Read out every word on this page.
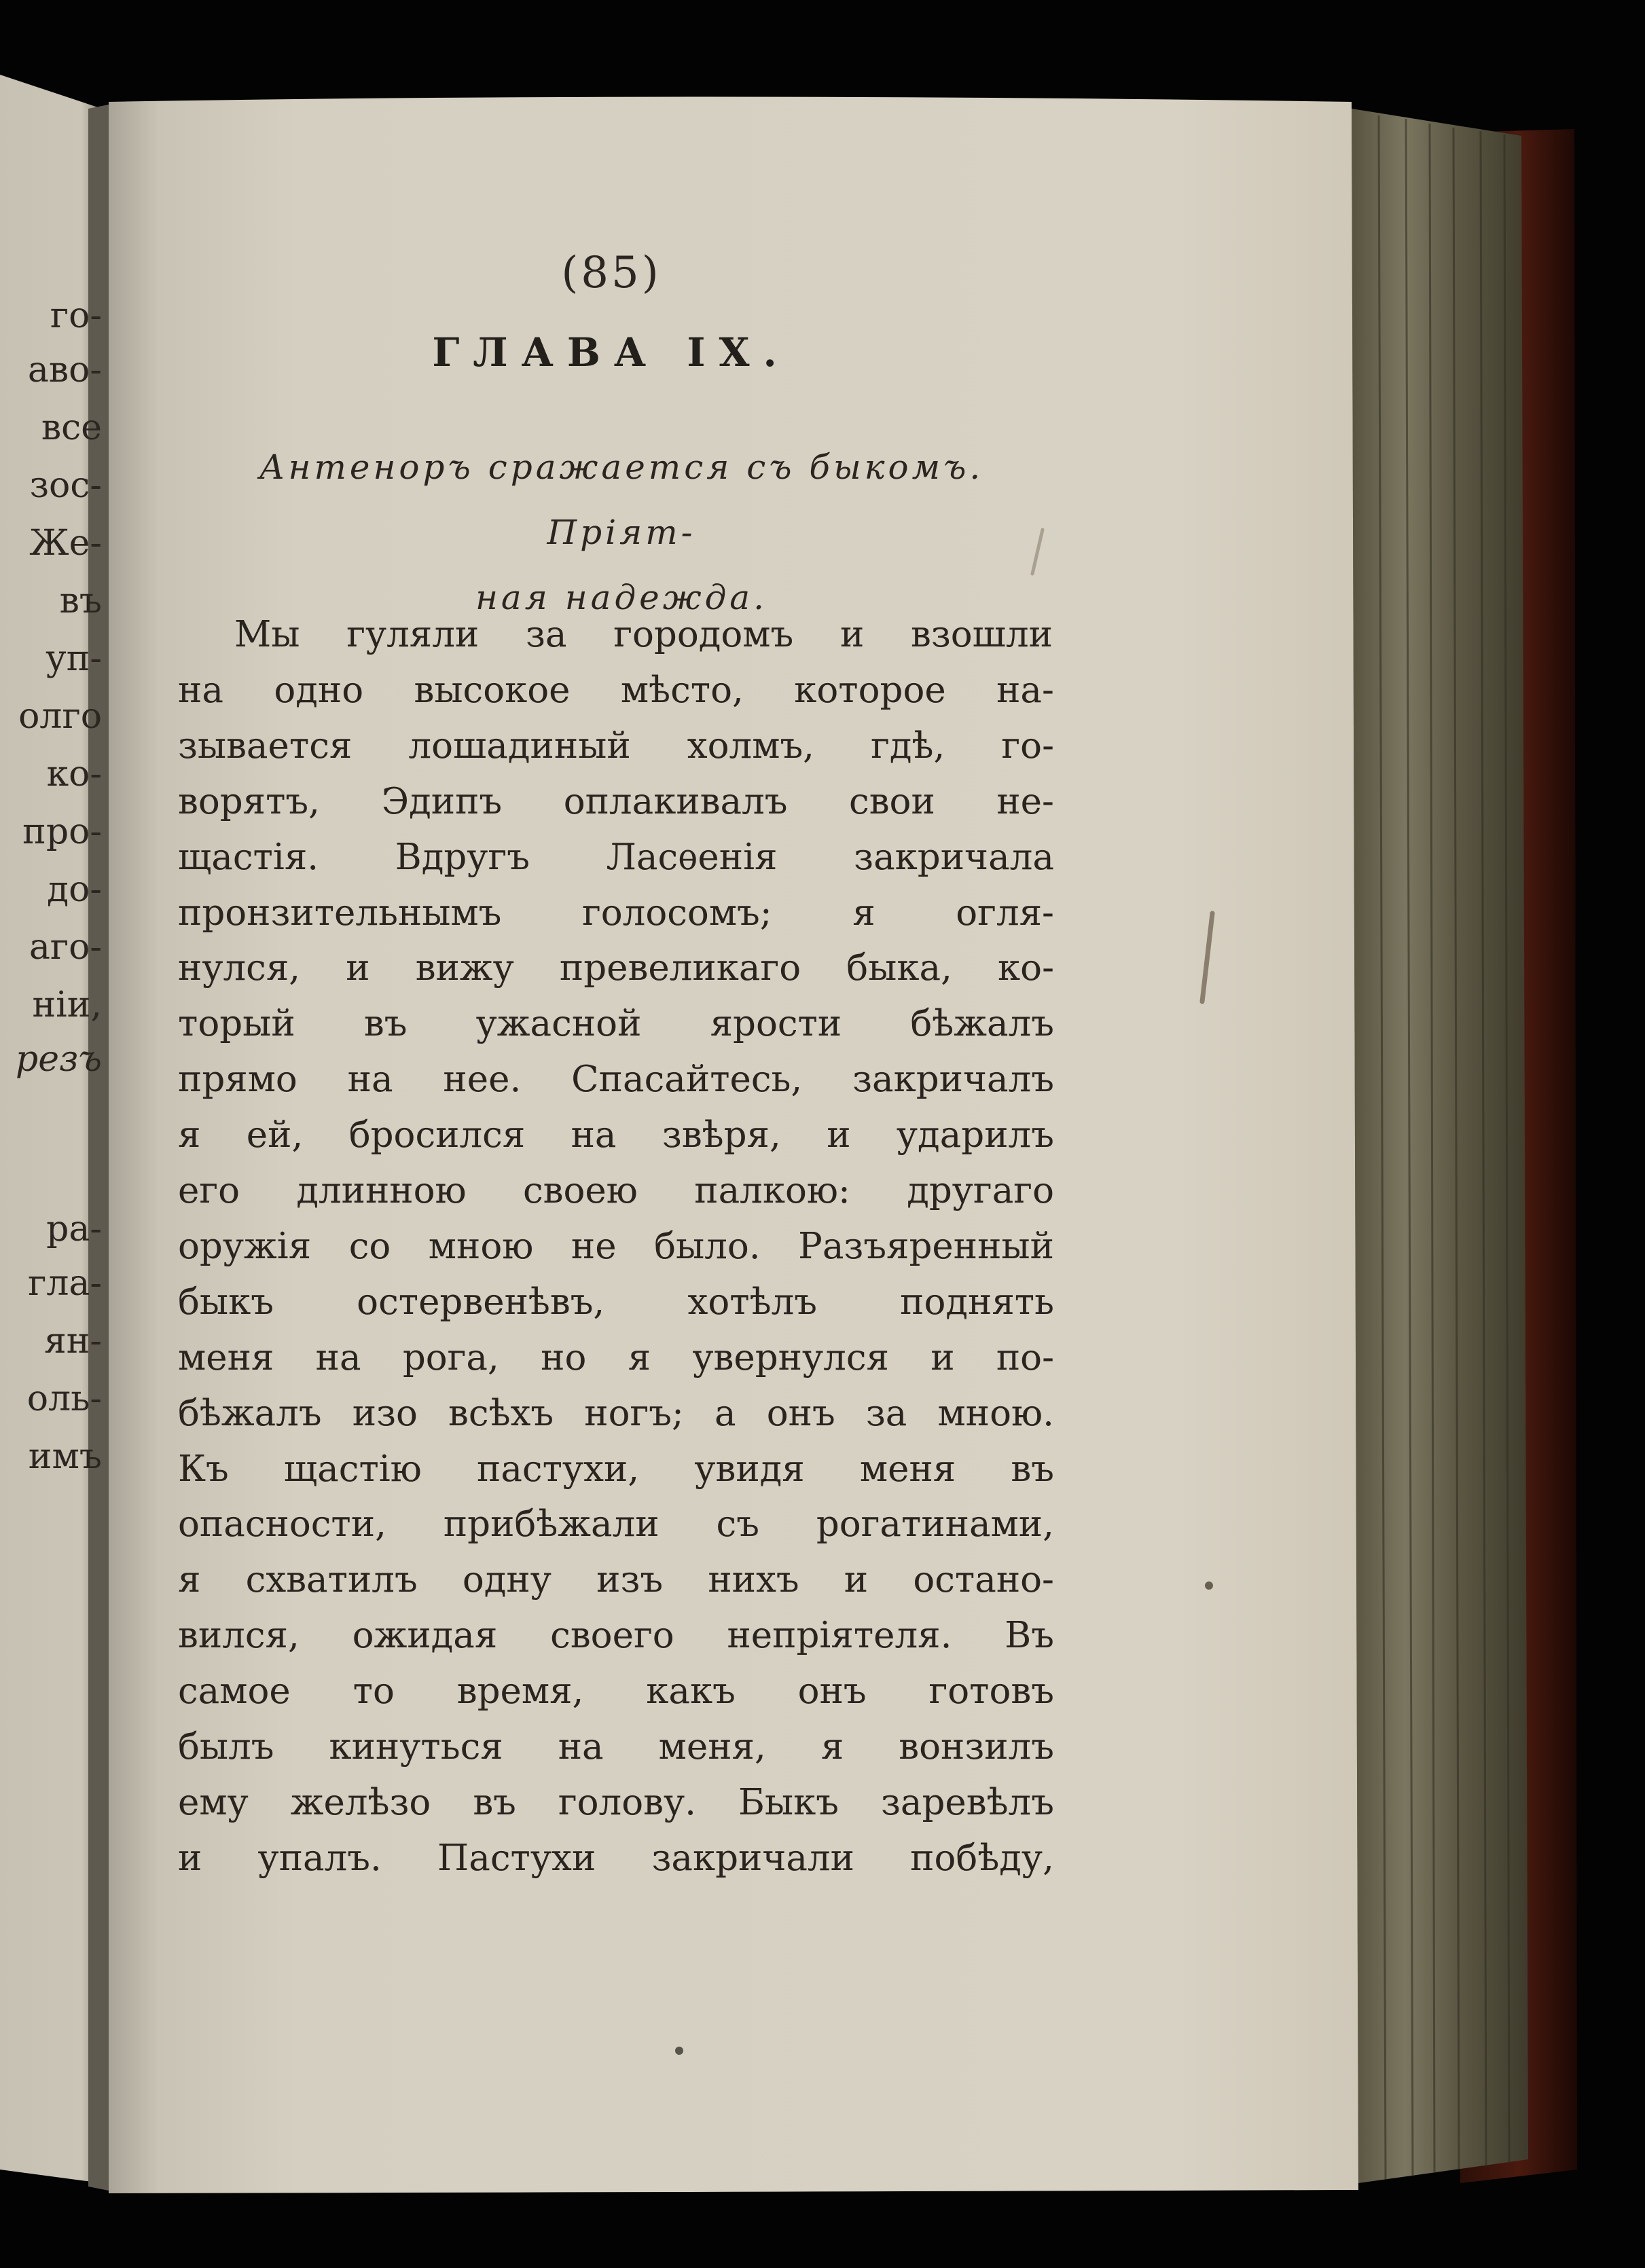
го-
аво-
все
зос-
Же-
въ
уп-
олго
ко-
про-
до-
аго-
ніи,
резъ
ра-
гла-
ян-
оль-
имъ
(85)
ГЛАВА IX.
Антеноръ сражается съ быкомъ. Пріят-
ная надежда.
Мы гуляли за городомъ и взошли
на одно высокое мѣсто, которое на-
зывается лошадиный холмъ, гдѣ, го-
ворятъ, Эдипъ оплакивалъ свои не-
щастія. Вдругъ Ласѳенія закричала
пронзительнымъ голосомъ; я огля-
нулся, и вижу превеликаго быка, ко-
торый въ ужасной ярости бѣжалъ
прямо на нее. Спасайтесь, закричалъ
я ей, бросился на звѣря, и ударилъ
его длинною своею палкою: другаго
оружія со мною не было. Разъяренный
быкъ остервенѣвъ, хотѣлъ поднять
меня на рога, но я увернулся и по-
бѣжалъ изо всѣхъ ногъ; а онъ за мною.
Къ щастію пастухи, увидя меня въ
опасности, прибѣжали съ рогатинами,
я схватилъ одну изъ нихъ и остано-
вился, ожидая своего непріятеля. Въ
самое то время, какъ онъ готовъ
былъ кинуться на меня, я вонзилъ
ему желѣзо въ голову. Быкъ заревѣлъ
и упалъ. Пастухи закричали побѣду,
